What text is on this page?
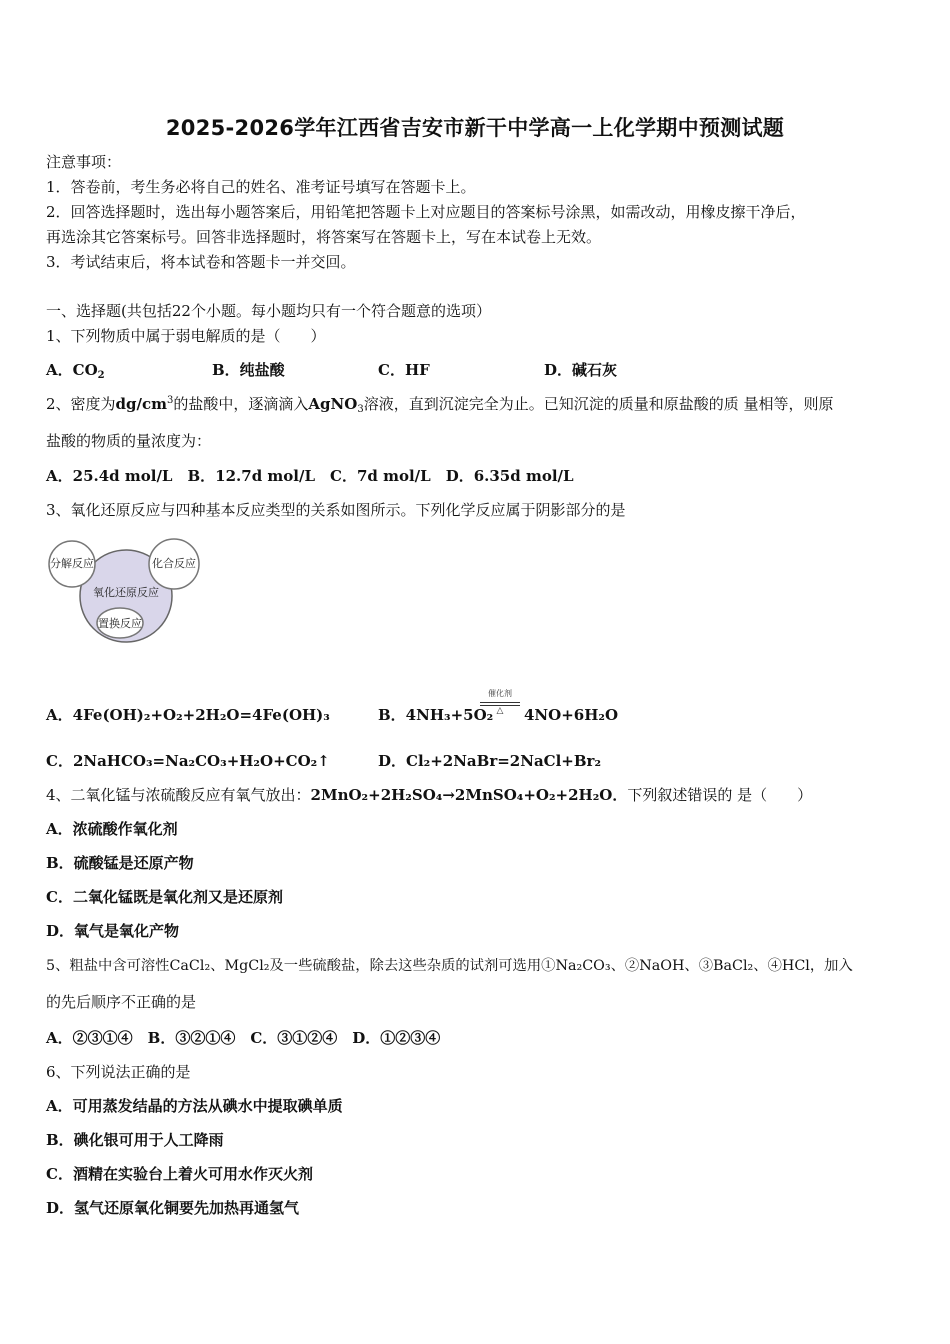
2025-2026学年江西省吉安市新干中学高一上化学期中预测试题
注意事项：
1．答卷前，考生务必将自己的姓名、准考证号填写在答题卡上。
2．回答选择题时，选出每小题答案后，用铅笔把答题卡上对应题目的答案标号涂黑，如需改动，用橡皮擦干净后，
再选涂其它答案标号。回答非选择题时，将答案写在答题卡上，写在本试卷上无效。
3．考试结束后，将本试卷和答题卡一并交回。
一、选择题(共包括22个小题。每小题均只有一个符合题意的选项）
1、下列物质中属于弱电解质的是（　　）
A．$CO_2$	B．纯盐酸	C．HF	D．碱石灰
2、密度为$dg/cm^3$的盐酸中，逐滴滴入AgNO$_3$溶液，直到沉淀完全为止。已知沉淀的质量和原盐酸的质 量相等，则原
盐酸的物质的量浓度为：
A．25.4d mol/L　B．12.7d mol/L　C．7d mol/L　D．6.35d mol/L
3、氧化还原反应与四种基本反应类型的关系如图所示。下列化学反应属于阴影部分的是
分解反应	化合反应
氧化还原反应
置换反应
A．4Fe(OH)₂+O₂+2H₂O=4Fe(OH)₃	B．4NH₃+5O₂
催化剂
△	4NO+6H₂O
C．2NaHCO₃=Na₂CO₃+H₂O+CO₂↑	D．Cl₂+2NaBr=2NaCl+Br₂
4、二氧化锰与浓硫酸反应有氧气放出：2MnO₂+2H₂SO₄→2MnSO₄+O₂+2H₂O．下列叙述错误的 是（　　）
A．浓硫酸作氧化剂
B．硫酸锰是还原产物
C．二氧化锰既是氧化剂又是还原剂
D．氧气是氧化产物
5、粗盐中含可溶性CaCl₂、MgCl₂及一些硫酸盐，除去这些杂质的试剂可选用①Na₂CO₃、②NaOH、③BaCl₂、④HCl，加入
的先后顺序不正确的是
A．②③①④　B．③②①④　C．③①②④　D．①②③④
6、下列说法正确的是
A．可用蒸发结晶的方法从碘水中提取碘单质
B．碘化银可用于人工降雨
C．酒精在实验台上着火可用水作灭火剂
D．氢气还原氧化铜要先加热再通氢气
